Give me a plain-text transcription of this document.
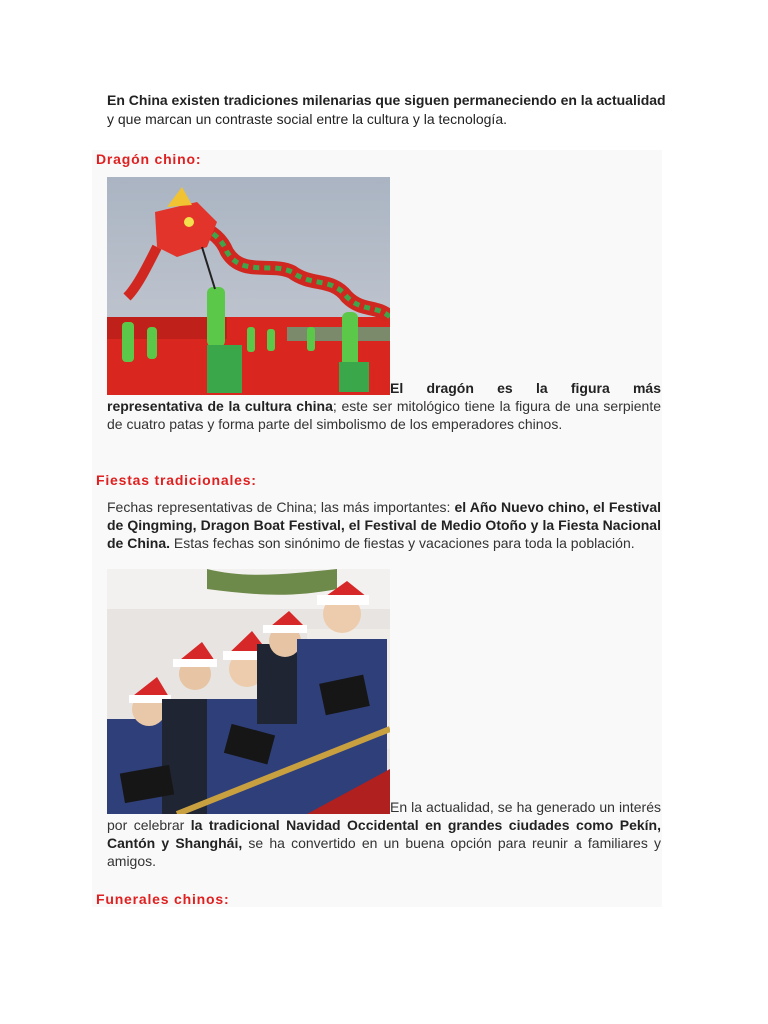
En China existen tradiciones milenarias que siguen permaneciendo en la actualidad y que marcan un contraste social entre la cultura y la tecnología.
Dragón chino:
El dragón es la figura más representativa de la cultura china; este ser mitológico tiene la figura de una serpiente de cuatro patas y forma parte del simbolismo de los emperadores chinos.
Fiestas tradicionales:
Fechas representativas de China; las más importantes: el Año Nuevo chino, el Festival de Qingming, Dragon Boat Festival, el Festival de Medio Otoño y la Fiesta Nacional de China. Estas fechas son sinónimo de fiestas y vacaciones para toda la población.
En la actualidad, se ha generado un interés por celebrar la tradicional Navidad Occidental en grandes ciudades como Pekín, Cantón y Shanghái, se ha convertido en un buena opción para reunir a familiares y amigos.
Funerales chinos:
